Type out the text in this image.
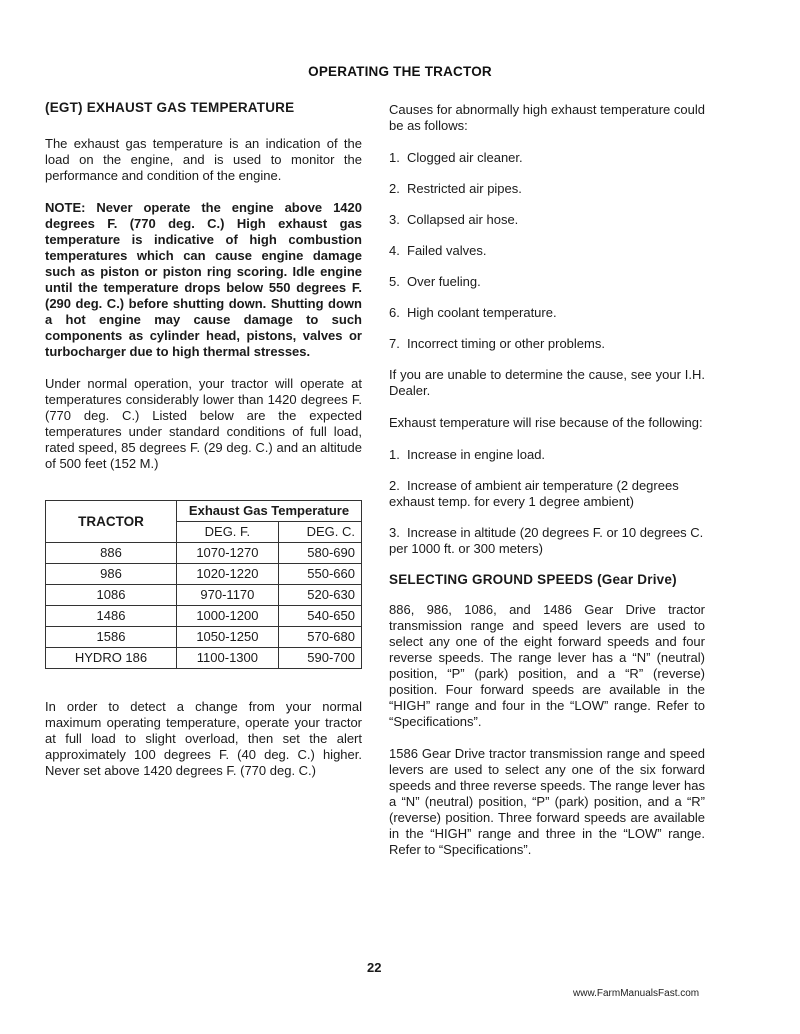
OPERATING THE TRACTOR
(EGT) EXHAUST GAS TEMPERATURE

The exhaust gas temperature is an indication of the load on the engine, and is used to monitor the performance and condition of the engine.

NOTE: Never operate the engine above 1420 degrees F. (770 deg. C.) High exhaust gas temperature is indicative of high combustion temperatures which can cause engine damage such as piston or piston ring scoring. Idle engine until the temperature drops below 550 degrees F. (290 deg. C.) before shutting down. Shutting down a hot engine may cause damage to such components as cylinder head, pistons, valves or turbocharger due to high thermal stresses.

Under normal operation, your tractor will operate at temperatures considerably lower than 1420 degrees F. (770 deg. C.) Listed below are the expected temperatures under standard conditions of full load, rated speed, 85 degrees F. (29 deg. C.) and an altitude of 500 feet (152 M.)

TRACTOR	Exhaust Gas Temperature	
	DEG. F.	DEG. C.
886	1070-1270	580-690
986	1020-1220	550-660
1086	970-1170	520-630
1486	1000-1200	540-650
1586	1050-1250	570-680
HYDRO 186	1100-1300	590-700

In order to detect a change from your normal maximum operating temperature, operate your tractor at full load to slight overload, then set the alert approximately 100 degrees F. (40 deg. C.) higher. Never set above 1420 degrees F. (770 deg. C.)

Causes for abnormally high exhaust temperature could be as follows:

1. Clogged air cleaner.
2. Restricted air pipes.
3. Collapsed air hose.
4. Failed valves.
5. Over fueling.
6. High coolant temperature.
7. Incorrect timing or other problems.

If you are unable to determine the cause, see your I.H. Dealer.

Exhaust temperature will rise because of the following:

1. Increase in engine load.
2. Increase of ambient air temperature (2 degrees exhaust temp. for every 1 degree ambient)
3. Increase in altitude (20 degrees F. or 10 degrees C. per 1000 ft. or 300 meters)
SELECTING GROUND SPEEDS (Gear Drive)

886, 986, 1086, and 1486 Gear Drive tractor transmission range and speed levers are used to select any one of the eight forward speeds and four reverse speeds. The range lever has a “N” (neutral) position, “P” (park) position, and a “R” (reverse) position. Four forward speeds are available in the “HIGH” range and four in the “LOW” range. Refer to “Specifications”.

1586 Gear Drive tractor transmission range and speed levers are used to select any one of the six forward speeds and three reverse speeds. The range lever has a “N” (neutral) position, “P” (park) position, and a “R” (reverse) position. Three forward speeds are available in the “HIGH” range and three in the “LOW” range. Refer to “Specifications”.

22
www.FarmManualsFast.com
